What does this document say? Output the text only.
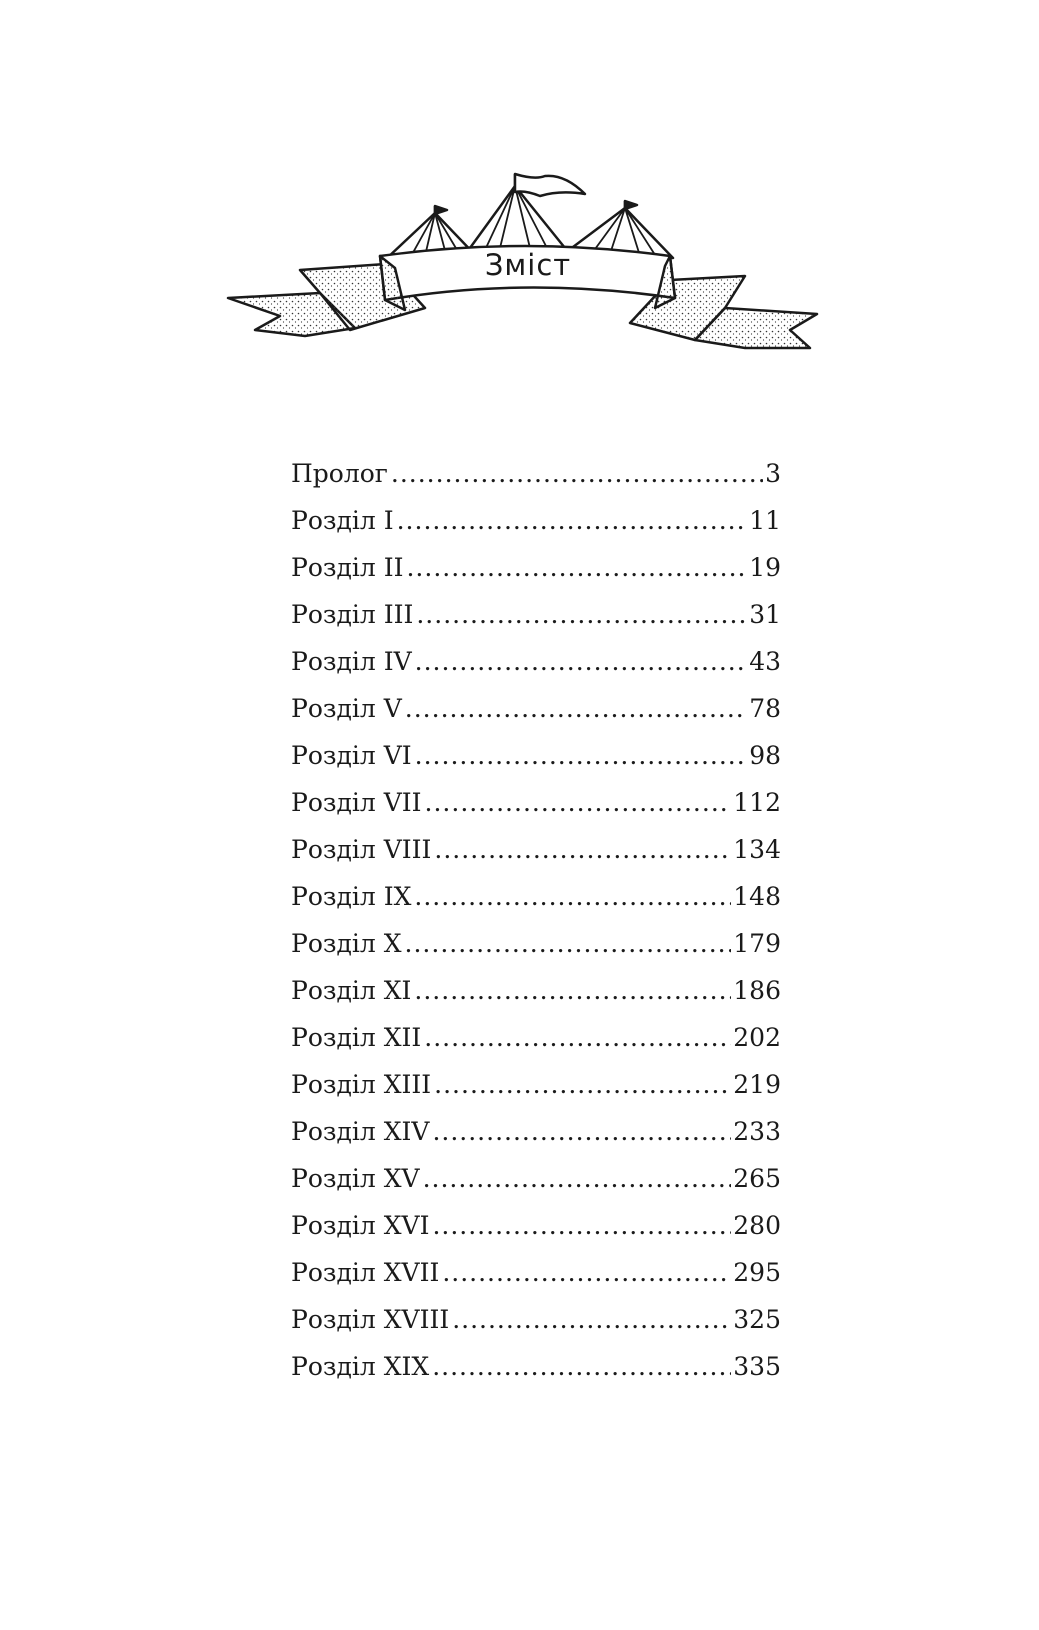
Зміст
Пролог .....	3
Розділ I .....	11
Розділ II .....	19
Розділ III .....	31
Розділ IV .....	43
Розділ V .....	78
Розділ VI .....	98
Розділ VII .....	112
Розділ VIII .....	134
Розділ IX .....	148
Розділ X .....	179
Розділ XI .....	186
Розділ XII .....	202
Розділ XIII .....	219
Розділ XIV .....	233
Розділ XV .....	265
Розділ XVI .....	280
Розділ XVII .....	295
Розділ XVIII .....	325
Розділ XIX .....	335
